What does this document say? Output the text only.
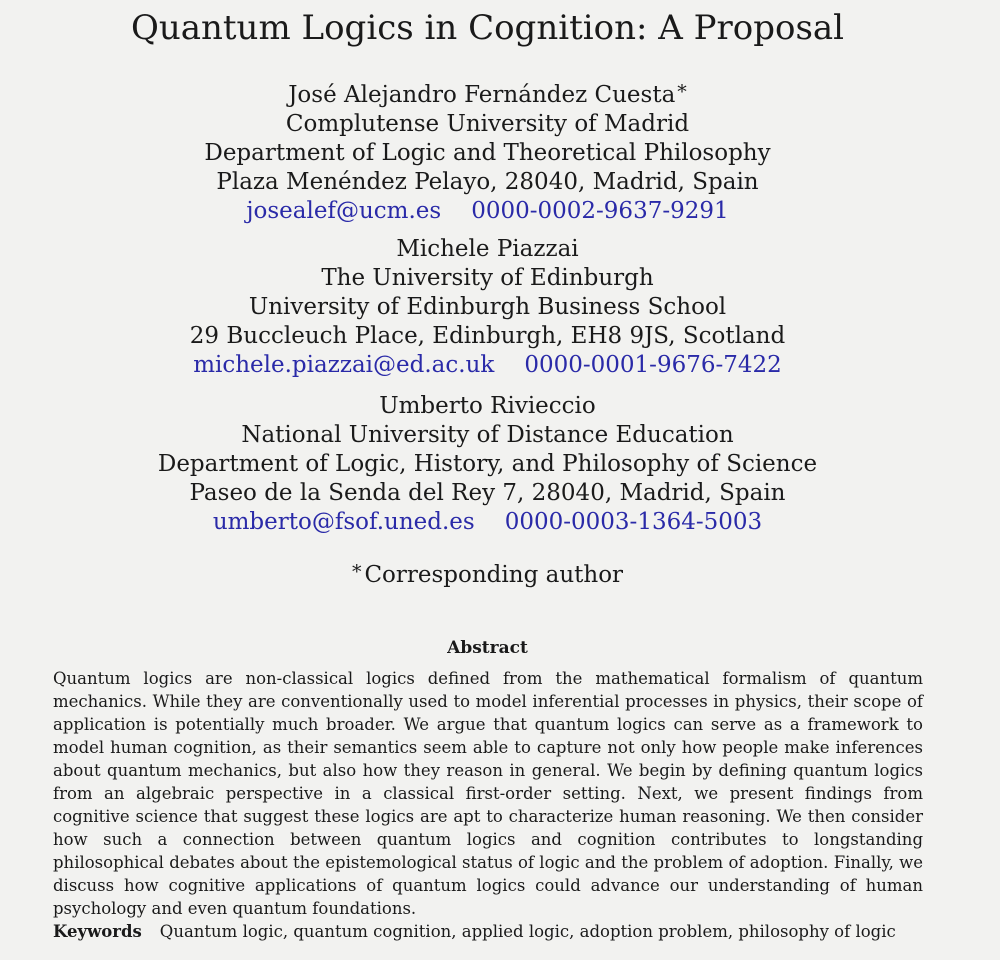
Quantum Logics in Cognition: A Proposal
José Alejandro Fernández Cuesta *
Complutense University of Madrid
Department of Logic and Theoretical Philosophy
Plaza Menéndez Pelayo, 28040, Madrid, Spain
josealef@ucm.es 0000-0002-9637-9291
Michele Piazzai
The University of Edinburgh
University of Edinburgh Business School
29 Buccleuch Place, Edinburgh, EH8 9JS, Scotland
michele.piazzai@ed.ac.uk 0000-0001-9676-7422
Umberto Rivieccio
National University of Distance Education
Department of Logic, History, and Philosophy of Science
Paseo de la Senda del Rey 7, 28040, Madrid, Spain
umberto@fsof.uned.es 0000-0003-1364-5003
* Corresponding author
Abstract
Quantum logics are non-classical logics defined from the mathematical formalism of quantum mechanics. While they are conventionally used to model inferential processes in physics, their scope of application is potentially much broader. We argue that quantum logics can serve as a framework to model human cognition, as their semantics seem able to capture not only how people make inferences about quantum mechanics, but also how they reason in general. We begin by defining quantum logics from an algebraic perspective in a classical first-order setting. Next, we present findings from cognitive science that suggest these logics are apt to characterize human reasoning. We then consider how such a connection between quantum logics and cognition contributes to longstanding philosophical debates about the epistemological status of logic and the problem of adoption. Finally, we discuss how cognitive applications of quantum logics could advance our understanding of human psychology and even quantum foundations.
Keywords Quantum logic, quantum cognition, applied logic, adoption problem, philosophy of logic
